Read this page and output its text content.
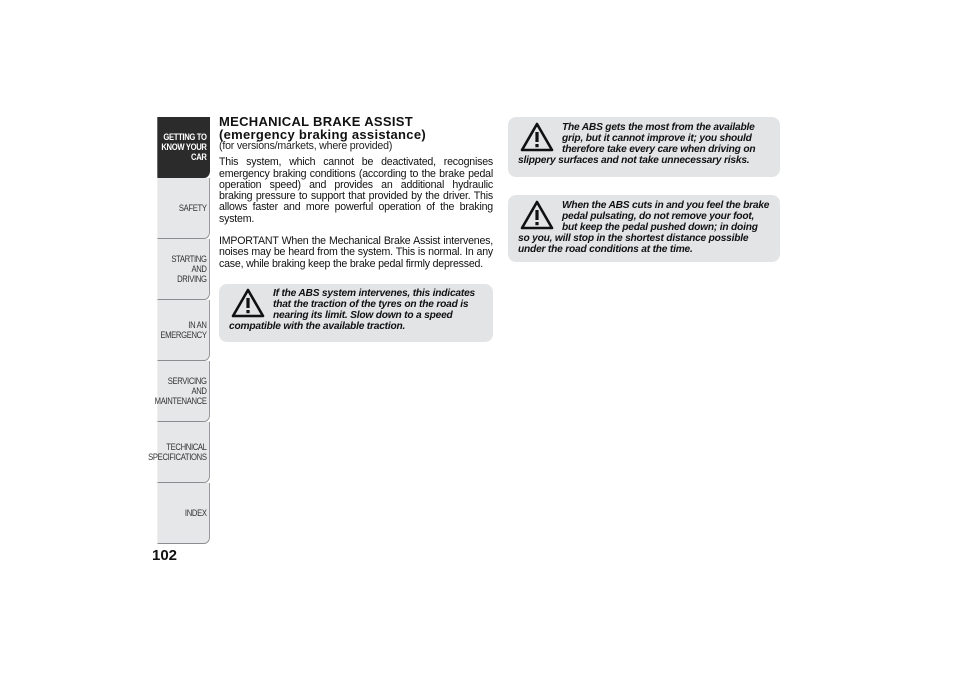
GETTING TO
KNOW YOUR CAR
SAFETY
STARTING AND
DRIVING
IN AN EMERGENCY
SERVICING AND
MAINTENANCE
TECHNICAL
SPECIFICATIONS
INDEX
102
MECHANICAL BRAKE ASSIST
(emergency braking assistance)

(for versions/markets, where provided)

This system, which cannot be deactivated, recognises emergency braking conditions (according to the brake pedal operation speed) and provides an additional hydraulic braking pressure to support that provided by the driver. This allows faster and more powerful operation of the braking system.

IMPORTANT When the Mechanical Brake Assist intervenes, noises may be heard from the system. This is normal. In any case, while braking keep the brake pedal firmly depressed.

If the ABS system intervenes, this indicates that the traction of the tyres on the road is nearing its limit. Slow down to a speed compatible with the available traction.
The ABS gets the most from the available grip, but it cannot improve it; you should therefore take every care when driving on slippery surfaces and not take unnecessary risks.
When the ABS cuts in and you feel the brake pedal pulsating, do not remove your foot, but keep the pedal pushed down; in doing so you, will stop in the shortest distance possible under the road conditions at the time.
